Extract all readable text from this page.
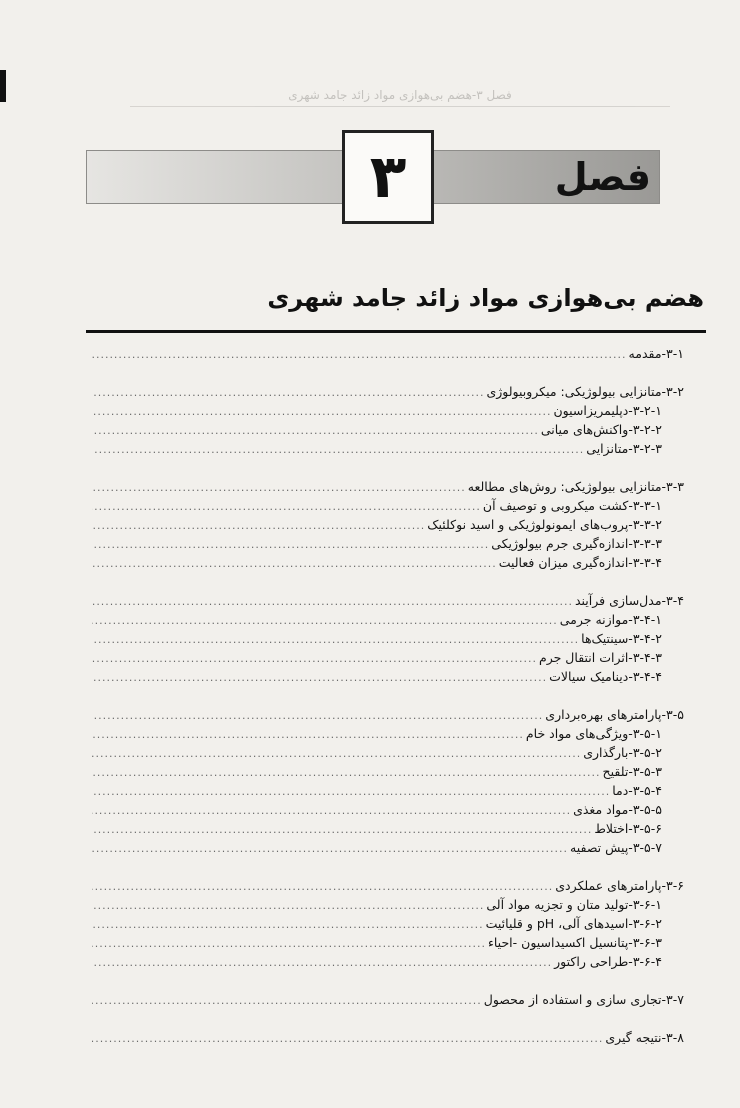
فصل ۳-هضم بی‌هوازی مواد زائد جامد شهری
فصل
۳
هضم بی‌هوازی مواد زائد جامد شهری
۳-۱-مقدمه
.....
۳-۲-متانزایی بیولوژیکی: میکروبیولوژی
.....
۳-۲-۱-دپلیمریزاسیون
.....
۳-۲-۲-واکنش‌های میانی
.....
۳-۲-۳-متانزایی
.....
۳-۳-متانزایی بیولوژیکی: روش‌های مطالعه
.....
۳-۳-۱-کشت میکروبی و توصیف آن
.....
۳-۳-۲-پروب‌های ایمونولوژیکی و اسید نوکلئیک
.....
۳-۳-۳-اندازه‌گیری جرم بیولوژیکی
.....
۳-۳-۴-اندازه‌گیری میزان فعالیت
.....
۳-۴-مدل‌سازی فرآیند
.....
۳-۴-۱-موازنه جرمی
.....
۳-۴-۲-سینتیک‌ها
.....
۳-۴-۳-اثرات انتقال جرم
.....
۳-۴-۴-دینامیک سیالات
.....
۳-۵-پارامترهای بهره‌برداری
.....
۳-۵-۱-ویژگی‌های مواد خام
.....
۳-۵-۲-بارگذاری
.....
۳-۵-۳-تلقیح
.....
۳-۵-۴-دما
.....
۳-۵-۵-مواد مغذی
.....
۳-۵-۶-اختلاط
.....
۳-۵-۷-پیش تصفیه
.....
۳-۶-پارامترهای عملکردی
.....
۳-۶-۱-تولید متان و تجزیه مواد آلی
.....
۳-۶-۲-اسیدهای آلی، pH و قلیائیت
.....
۳-۶-۳-پتانسیل اکسیداسیون -احیاء
.....
۳-۶-۴-طراحی راکتور
.....
۳-۷-تجاری سازی و استفاده از محصول
.....
۳-۸-نتیجه گیری
.....
